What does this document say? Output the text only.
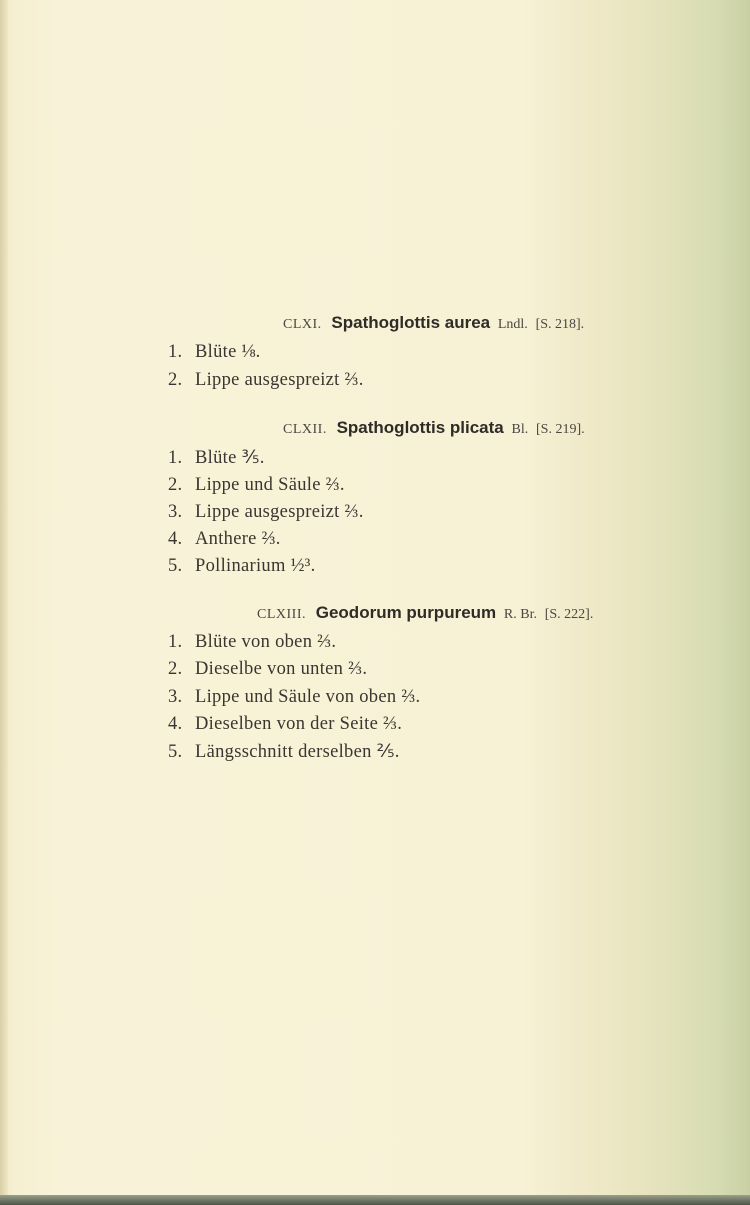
CLXI. Spathoglottis aurea Lndl. [S. 218].
1. Blüte ⅛.
2. Lippe ausgespreizt ⅔.
CLXII. Spathoglottis plicata Bl. [S. 219].
1. Blüte ⅗.
2. Lippe und Säule ⅔.
3. Lippe ausgespreizt ⅔.
4. Anthere ⅔.
5. Pollinarium ½³.
CLXIII. Geodorum purpureum R. Br. [S. 222].
1. Blüte von oben ⅔.
2. Dieselbe von unten ⅔.
3. Lippe und Säule von oben ⅔.
4. Dieselben von der Seite ⅔.
5. Längsschnitt derselben ⅖.
